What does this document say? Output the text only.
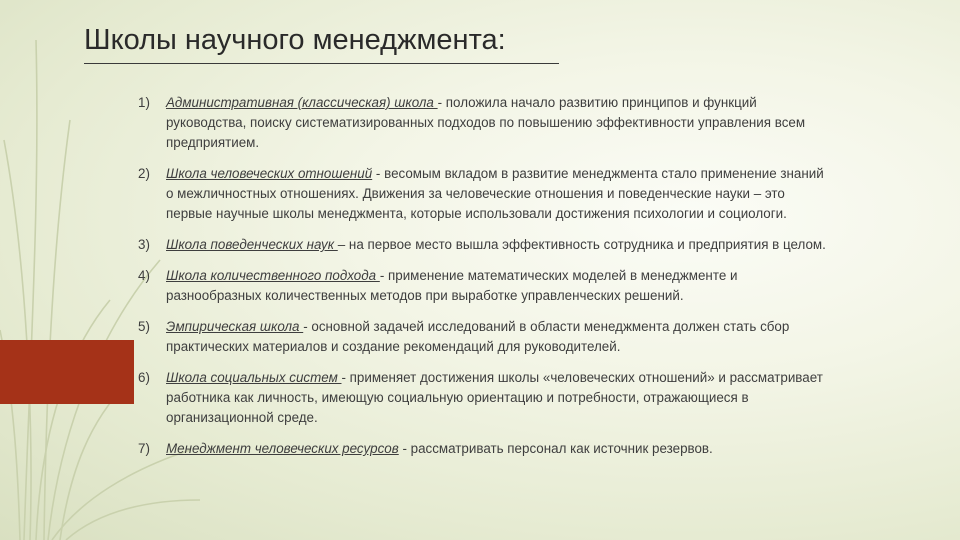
Школы научного менеджмента:
1) Административная (классическая) школа - положила начало развитию принципов и функций руководства, поиску систематизированных подходов по повышению эффективности управления всем предприятием.
2) Школа человеческих отношений - весомым вкладом в развитие менеджмента стало применение знаний о межличностных отношениях. Движения за человеческие отношения и поведенческие науки – это первые научные школы менеджмента, которые использовали достижения психологии и социологи.
3) Школа поведенческих наук – на первое место вышла эффективность сотрудника и предприятия в целом.
4) Школа количественного подхода - применение математических моделей в менеджменте и разнообразных количественных методов при выработке управленческих решений.
5) Эмпирическая школа - основной задачей исследований в области менеджмента должен стать сбор практических материалов и создание рекомендаций для руководителей.
6) Школа социальных систем - применяет достижения школы «человеческих отношений» и рассматривает работника как личность, имеющую социальную ориентацию и потребности, отражающиеся в организационной среде.
7) Менеджмент человеческих ресурсов - рассматривать персонал как источник резервов.
